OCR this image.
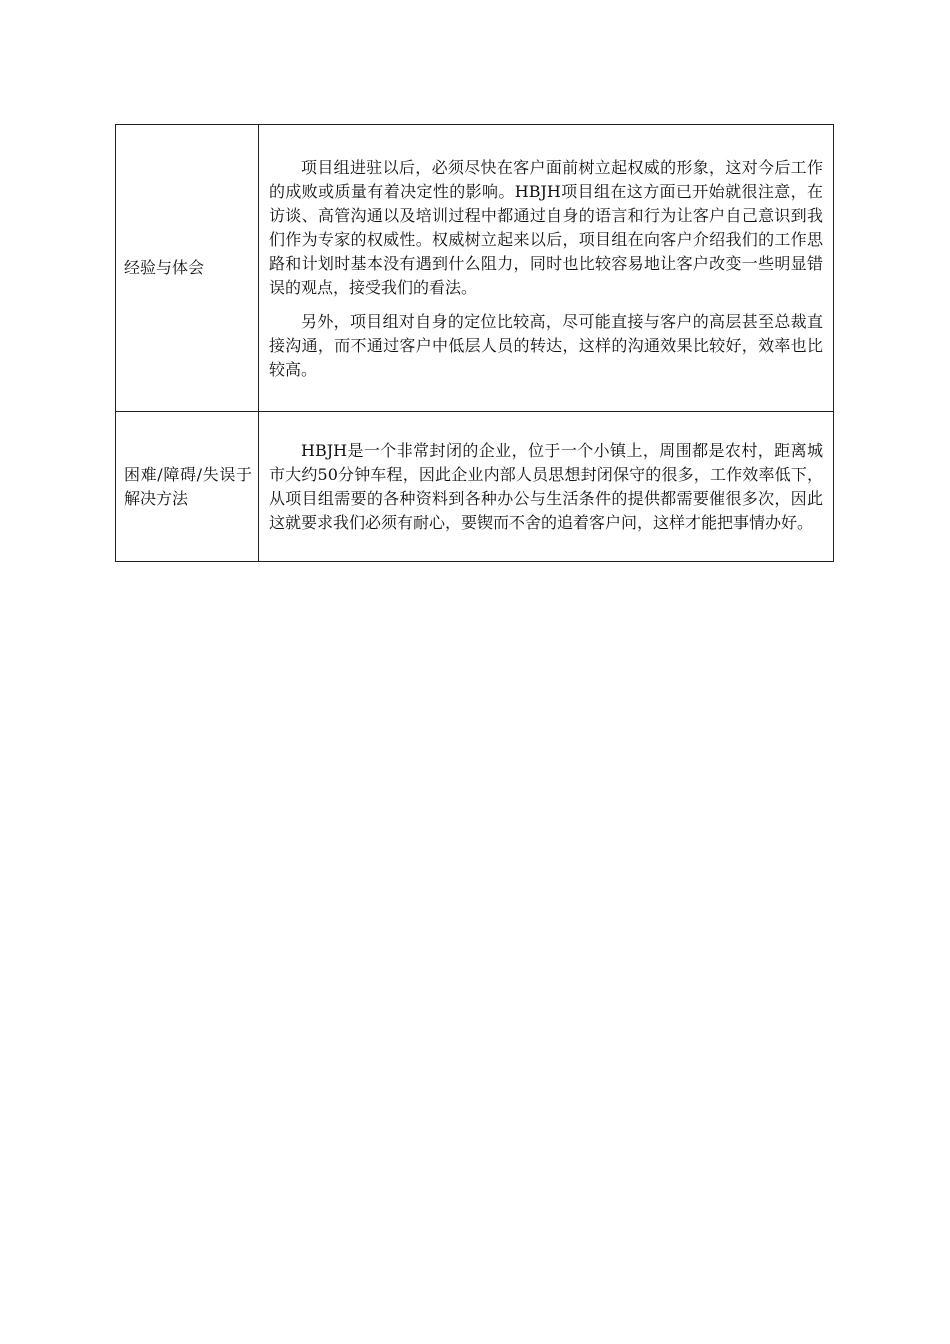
经验与体会	项目组进驻以后，必须尽快在客户面前树立起权威的形象，这对今后工作的成败或质量有着决定性的影响。HBJH项目组在这方面已开始就很注意，在访谈、高管沟通以及培训过程中都通过自身的语言和行为让客户自己意识到我们作为专家的权威性。权威树立起来以后，项目组在向客户介绍我们的工作思路和计划时基本没有遇到什么阻力，同时也比较容易地让客户改变一些明显错误的观点，接受我们的看法。

另外，项目组对自身的定位比较高，尽可能直接与客户的高层甚至总裁直接沟通，而不通过客户中低层人员的转达，这样的沟通效果比较好，效率也比较高。

困难/障碍/失误于解决方法	HBJH是一个非常封闭的企业，位于一个小镇上，周围都是农村，距离城市大约50分钟车程，因此企业内部人员思想封闭保守的很多，工作效率低下，从项目组需要的各种资料到各种办公与生活条件的提供都需要催很多次，因此这就要求我们必须有耐心，要锲而不舍的追着客户问，这样才能把事情办好。
